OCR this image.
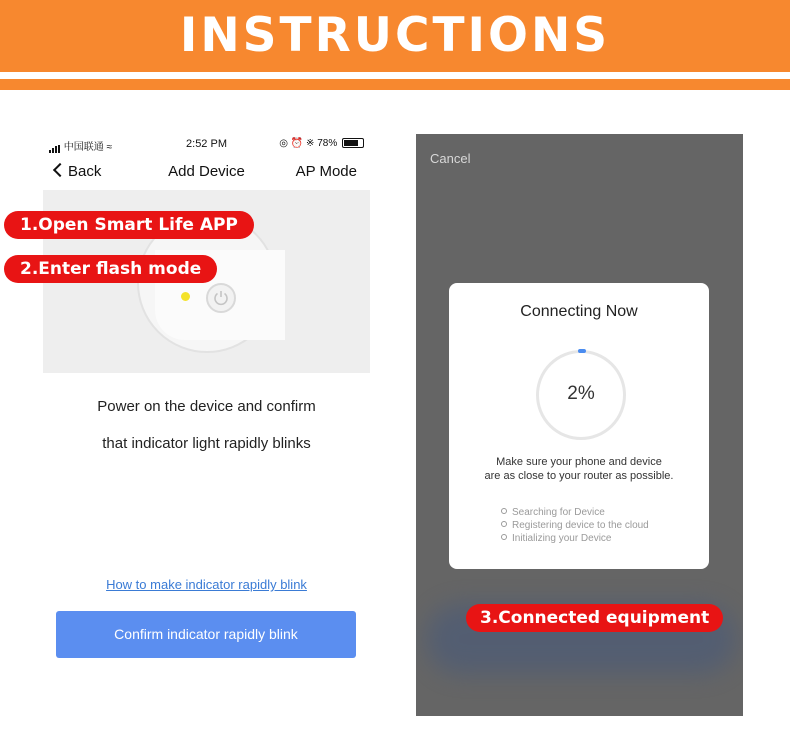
INSTRUCTIONS
中国联通 ≈	2:52 PM	◎ ⏰ ※ 78%
Back	Add Device	AP Mode
1.Open Smart Life APP
2.Enter flash mode
Power on the device and confirm
that indicator light rapidly blinks
How to make indicator rapidly blink
Confirm indicator rapidly blink
Cancel
Connecting Now
2%
Make sure your phone and device
are as close to your router as possible.
Searching for Device
Registering device to the cloud
Initializing your Device
3.Connected equipment
